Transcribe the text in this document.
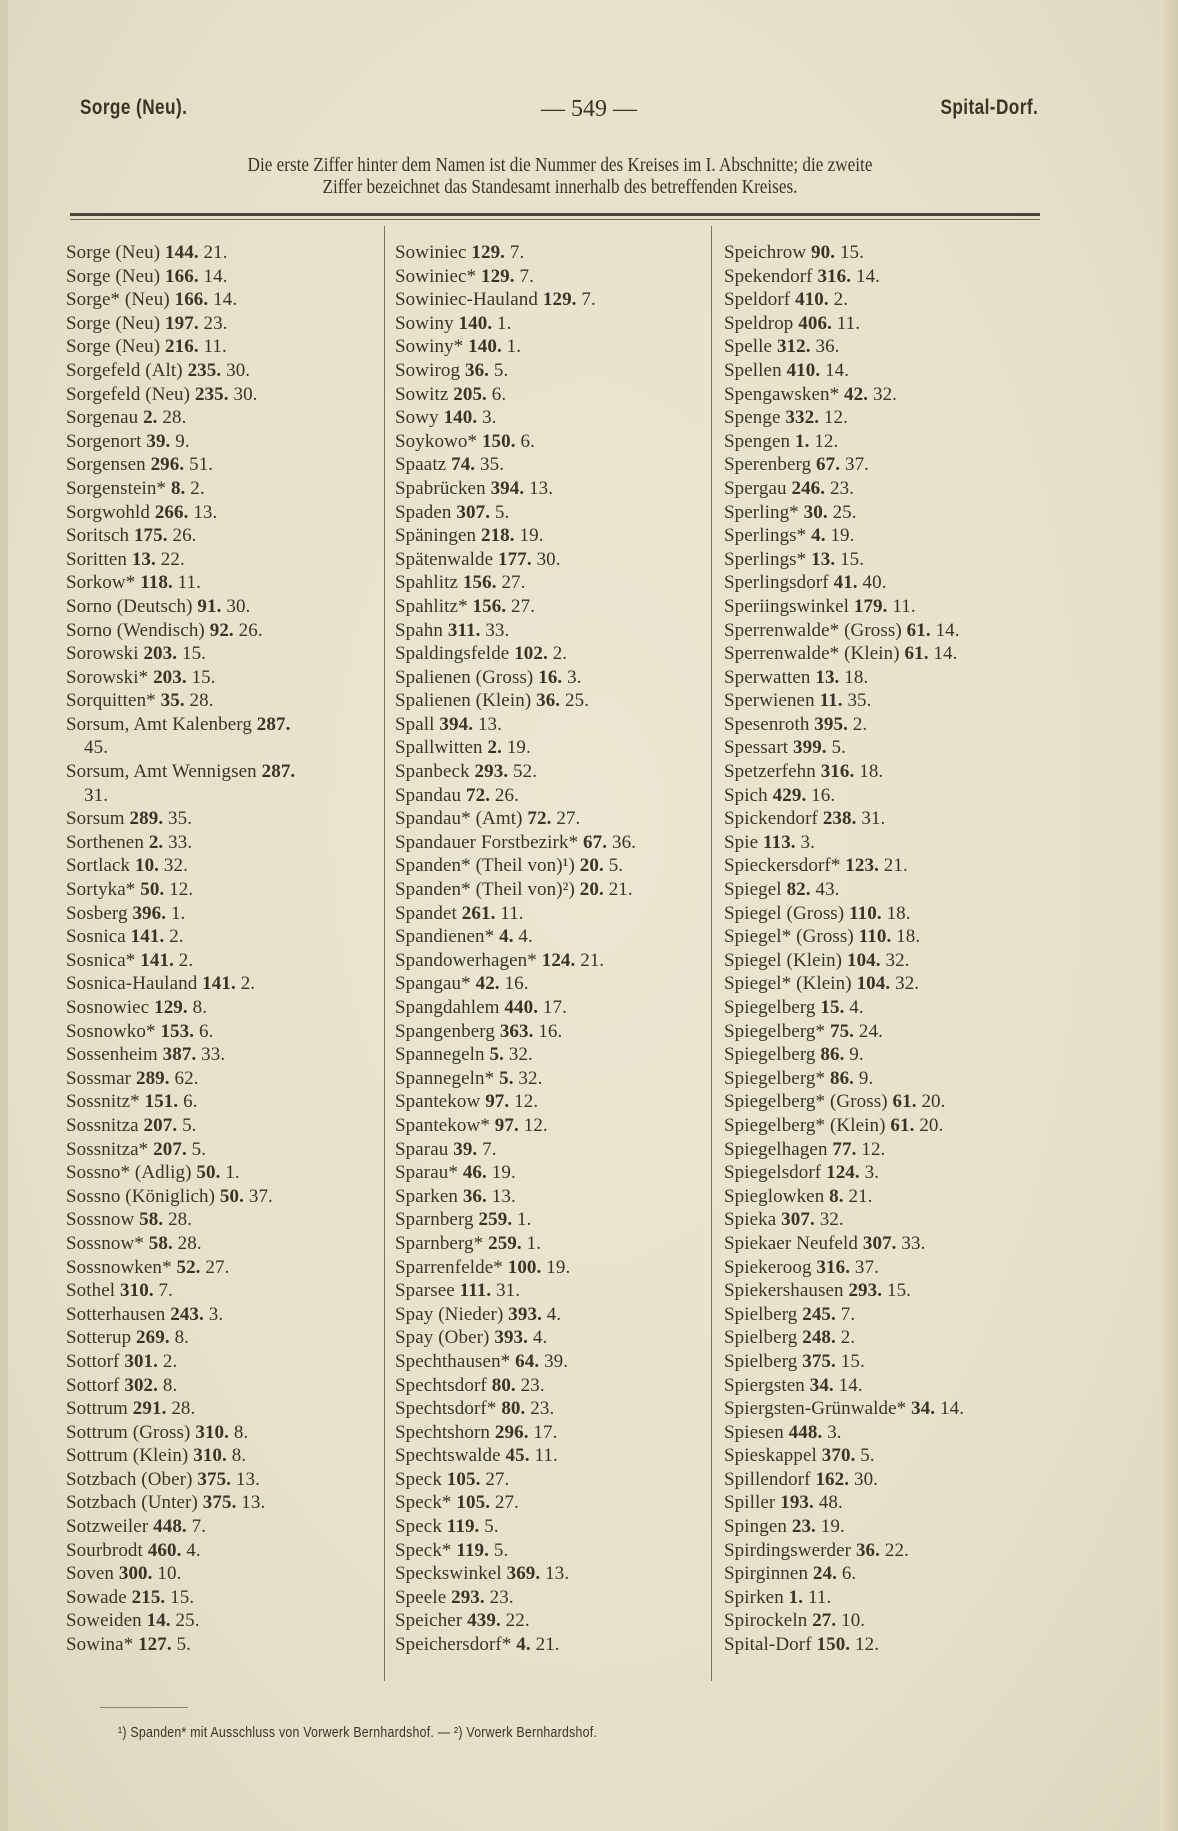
Sorge (Neu).	— 549 —	Spital-Dorf.
Die erste Ziffer hinter dem Namen ist die Nummer des Kreises im I. Abschnitte; die zweite
Ziffer bezeichnet das Standesamt innerhalb des betreffenden Kreises.
Sorge (Neu) 144. 21.
Sorge (Neu) 166. 14.
Sorge* (Neu) 166. 14.
Sorge (Neu) 197. 23.
Sorge (Neu) 216. 11.
Sorgefeld (Alt) 235. 30.
Sorgefeld (Neu) 235. 30.
Sorgenau 2. 28.
Sorgenort 39. 9.
Sorgensen 296. 51.
Sorgenstein* 8. 2.
Sorgwohld 266. 13.
Soritsch 175. 26.
Soritten 13. 22.
Sorkow* 118. 11.
Sorno (Deutsch) 91. 30.
Sorno (Wendisch) 92. 26.
Sorowski 203. 15.
Sorowski* 203. 15.
Sorquitten* 35. 28.
Sorsum, Amt Kalenberg 287.
45.
Sorsum, Amt Wennigsen 287.
31.
Sorsum 289. 35.
Sorthenen 2. 33.
Sortlack 10. 32.
Sortyka* 50. 12.
Sosberg 396. 1.
Sosnica 141. 2.
Sosnica* 141. 2.
Sosnica-Hauland 141. 2.
Sosnowiec 129. 8.
Sosnowko* 153. 6.
Sossenheim 387. 33.
Sossmar 289. 62.
Sossnitz* 151. 6.
Sossnitza 207. 5.
Sossnitza* 207. 5.
Sossno* (Adlig) 50. 1.
Sossno (Königlich) 50. 37.
Sossnow 58. 28.
Sossnow* 58. 28.
Sossnowken* 52. 27.
Sothel 310. 7.
Sotterhausen 243. 3.
Sotterup 269. 8.
Sottorf 301. 2.
Sottorf 302. 8.
Sottrum 291. 28.
Sottrum (Gross) 310. 8.
Sottrum (Klein) 310. 8.
Sotzbach (Ober) 375. 13.
Sotzbach (Unter) 375. 13.
Sotzweiler 448. 7.
Sourbrodt 460. 4.
Soven 300. 10.
Sowade 215. 15.
Soweiden 14. 25.
Sowina* 127. 5.
Sowiniec 129. 7.
Sowiniec* 129. 7.
Sowiniec-Hauland 129. 7.
Sowiny 140. 1.
Sowiny* 140. 1.
Sowirog 36. 5.
Sowitz 205. 6.
Sowy 140. 3.
Soykowo* 150. 6.
Spaatz 74. 35.
Spabrücken 394. 13.
Spaden 307. 5.
Späningen 218. 19.
Spätenwalde 177. 30.
Spahlitz 156. 27.
Spahlitz* 156. 27.
Spahn 311. 33.
Spaldingsfelde 102. 2.
Spalienen (Gross) 16. 3.
Spalienen (Klein) 36. 25.
Spall 394. 13.
Spallwitten 2. 19.
Spanbeck 293. 52.
Spandau 72. 26.
Spandau* (Amt) 72. 27.
Spandauer Forstbezirk* 67. 36.
Spanden* (Theil von)¹) 20. 5.
Spanden* (Theil von)²) 20. 21.
Spandet 261. 11.
Spandienen* 4. 4.
Spandowerhagen* 124. 21.
Spangau* 42. 16.
Spangdahlem 440. 17.
Spangenberg 363. 16.
Spannegeln 5. 32.
Spannegeln* 5. 32.
Spantekow 97. 12.
Spantekow* 97. 12.
Sparau 39. 7.
Sparau* 46. 19.
Sparken 36. 13.
Sparnberg 259. 1.
Sparnberg* 259. 1.
Sparrenfelde* 100. 19.
Sparsee 111. 31.
Spay (Nieder) 393. 4.
Spay (Ober) 393. 4.
Spechthausen* 64. 39.
Spechtsdorf 80. 23.
Spechtsdorf* 80. 23.
Spechtshorn 296. 17.
Spechtswalde 45. 11.
Speck 105. 27.
Speck* 105. 27.
Speck 119. 5.
Speck* 119. 5.
Speckswinkel 369. 13.
Speele 293. 23.
Speicher 439. 22.
Speichersdorf* 4. 21.
Speichrow 90. 15.
Spekendorf 316. 14.
Speldorf 410. 2.
Speldrop 406. 11.
Spelle 312. 36.
Spellen 410. 14.
Spengawsken* 42. 32.
Spenge 332. 12.
Spengen 1. 12.
Sperenberg 67. 37.
Spergau 246. 23.
Sperling* 30. 25.
Sperlings* 4. 19.
Sperlings* 13. 15.
Sperlingsdorf 41. 40.
Speriingswinkel 179. 11.
Sperrenwalde* (Gross) 61. 14.
Sperrenwalde* (Klein) 61. 14.
Sperwatten 13. 18.
Sperwienen 11. 35.
Spesenroth 395. 2.
Spessart 399. 5.
Spetzerfehn 316. 18.
Spich 429. 16.
Spickendorf 238. 31.
Spie 113. 3.
Spieckersdorf* 123. 21.
Spiegel 82. 43.
Spiegel (Gross) 110. 18.
Spiegel* (Gross) 110. 18.
Spiegel (Klein) 104. 32.
Spiegel* (Klein) 104. 32.
Spiegelberg 15. 4.
Spiegelberg* 75. 24.
Spiegelberg 86. 9.
Spiegelberg* 86. 9.
Spiegelberg* (Gross) 61. 20.
Spiegelberg* (Klein) 61. 20.
Spiegelhagen 77. 12.
Spiegelsdorf 124. 3.
Spieglowken 8. 21.
Spieka 307. 32.
Spiekaer Neufeld 307. 33.
Spiekeroog 316. 37.
Spiekershausen 293. 15.
Spielberg 245. 7.
Spielberg 248. 2.
Spielberg 375. 15.
Spiergsten 34. 14.
Spiergsten-Grünwalde* 34. 14.
Spiesen 448. 3.
Spieskappel 370. 5.
Spillendorf 162. 30.
Spiller 193. 48.
Spingen 23. 19.
Spirdingswerder 36. 22.
Spirginnen 24. 6.
Spirken 1. 11.
Spirockeln 27. 10.
Spital-Dorf 150. 12.
¹) Spanden* mit Ausschluss von Vorwerk Bernhardshof. — ²) Vorwerk Bernhardshof.
